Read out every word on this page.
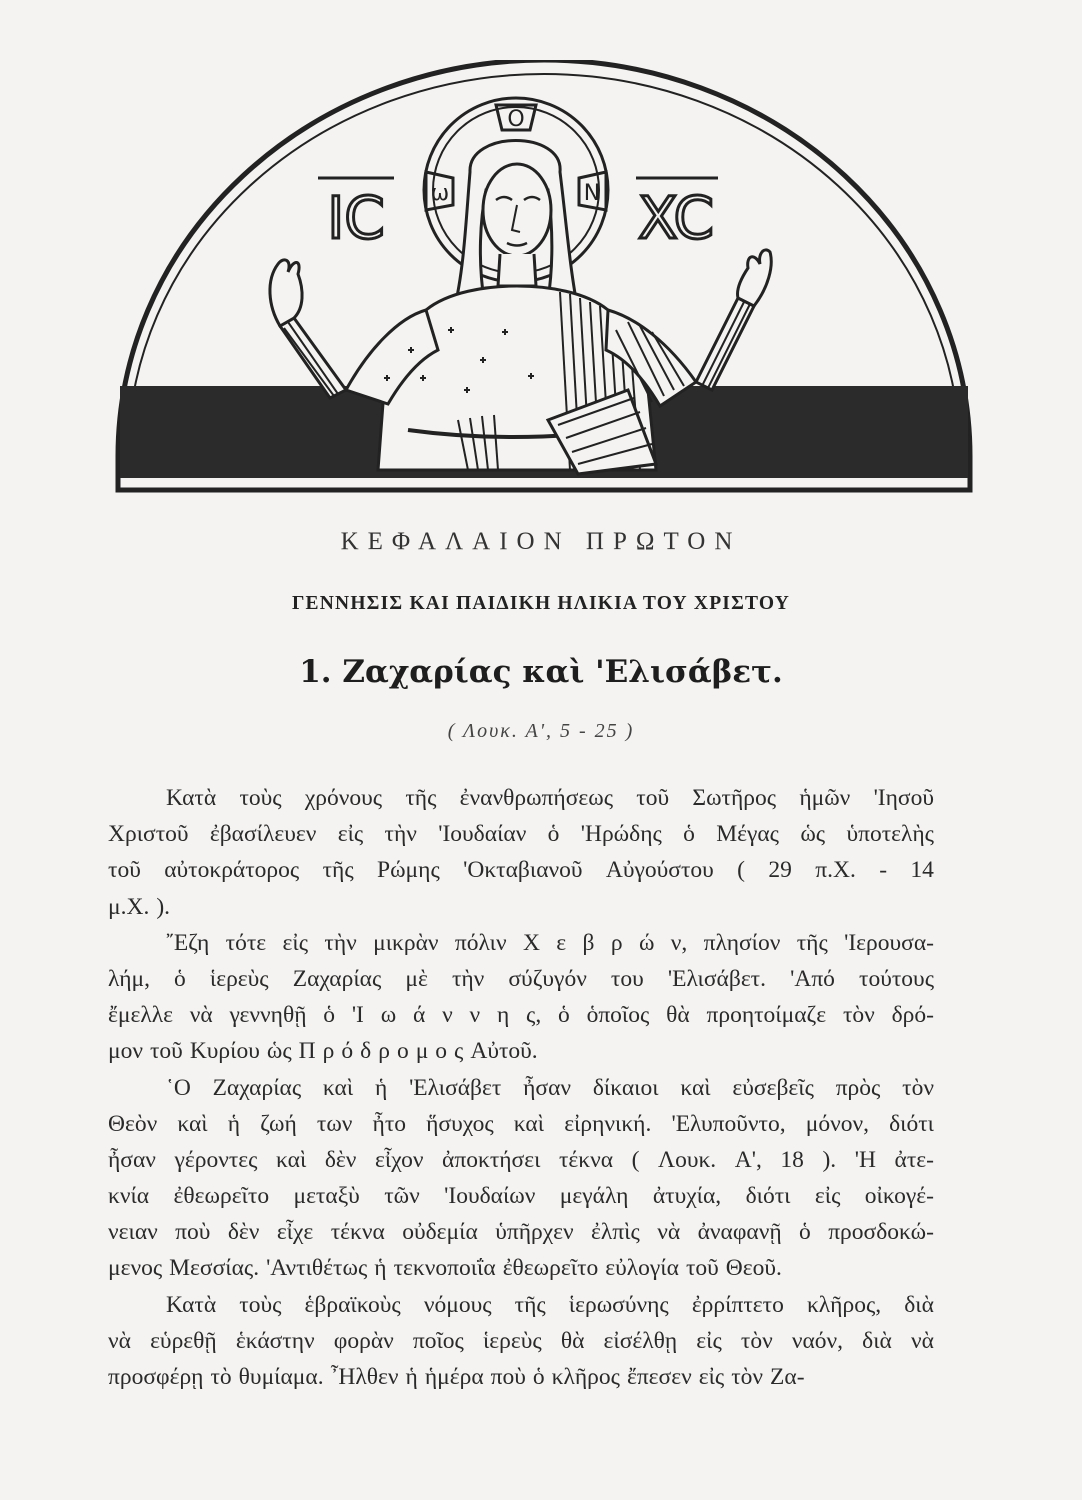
O
ω	N
IC	XC
ΚΕΦΑΛΑΙΟΝ ΠΡΩΤΟΝ
ΓΕΝΝΗΣΙΣ ΚΑΙ ΠΑΙΔΙΚΗ ΗΛΙΚΙΑ ΤΟΥ ΧΡΙΣΤΟΥ
1. Ζαχαρίας καὶ 'Ελισάβετ.
( Λουκ. Α', 5 - 25 )
Κατὰ τοὺς χρόνους τῆς ἐνανθρωπήσεως τοῦ Σωτῆρος ἡμῶν 'Ιησοῦ
Χριστοῦ ἐβασίλευεν εἰς τὴν 'Ιουδαίαν ὁ 'Ηρώδης ὁ Μέγας ὡς ὑποτελὴς
τοῦ αὐτοκράτορος τῆς Ρώμης 'Οκταβιανοῦ Αὐγούστου ( 29 π.Χ. - 14
μ.Χ. ).
῎Εζη τότε εἰς τὴν μικρὰν πόλιν Χ ε β ρ ώ ν, πλησίον τῆς 'Ιερουσα-
λήμ, ὁ ἱερεὺς Ζαχαρίας μὲ τὴν σύζυγόν του 'Ελισάβετ. 'Από τούτους
ἔμελλε νὰ γεννηθῇ ὁ 'Ι ω ά ν ν η ς, ὁ ὁποῖος θὰ προητοίμαζε τὸν δρό-
μον τοῦ Κυρίου ὡς Π ρ ό δ ρ ο μ ο ς Αὐτοῦ.
῾Ο Ζαχαρίας καὶ ἡ 'Ελισάβετ ἦσαν δίκαιοι καὶ εὐσεβεῖς πρὸς τὸν
Θεὸν καὶ ἡ ζωή των ἦτο ἥσυχος καὶ εἰρηνική. 'Ελυποῦντο, μόνον, διότι
ἦσαν γέροντες καὶ δὲν εἶχον ἀποκτήσει τέκνα ( Λουκ. Α', 18 ). 'Η ἀτε-
κνία ἐθεωρεῖτο μεταξὺ τῶν 'Ιουδαίων μεγάλη ἀτυχία, διότι εἰς οἰκογέ-
νειαν ποὺ δὲν εἶχε τέκνα οὐδεμία ὑπῆρχεν ἐλπὶς νὰ ἀναφανῇ ὁ προσδοκώ-
μενος Μεσσίας. 'Αντιθέτως ἡ τεκνοποιΐα ἐθεωρεῖτο εὐλογία τοῦ Θεοῦ.
Κατὰ τοὺς ἑβραϊκοὺς νόμους τῆς ἱερωσύνης ἐρρίπτετο κλῆρος, διὰ
νὰ εὑρεθῇ ἑκάστην φορὰν ποῖος ἱερεὺς θὰ εἰσέλθῃ εἰς τὸν ναόν, διὰ νὰ
προσφέρῃ τὸ θυμίαμα. ῏Ηλθεν ἡ ἡμέρα ποὺ ὁ κλῆρος ἔπεσεν εἰς τὸν Ζα-
